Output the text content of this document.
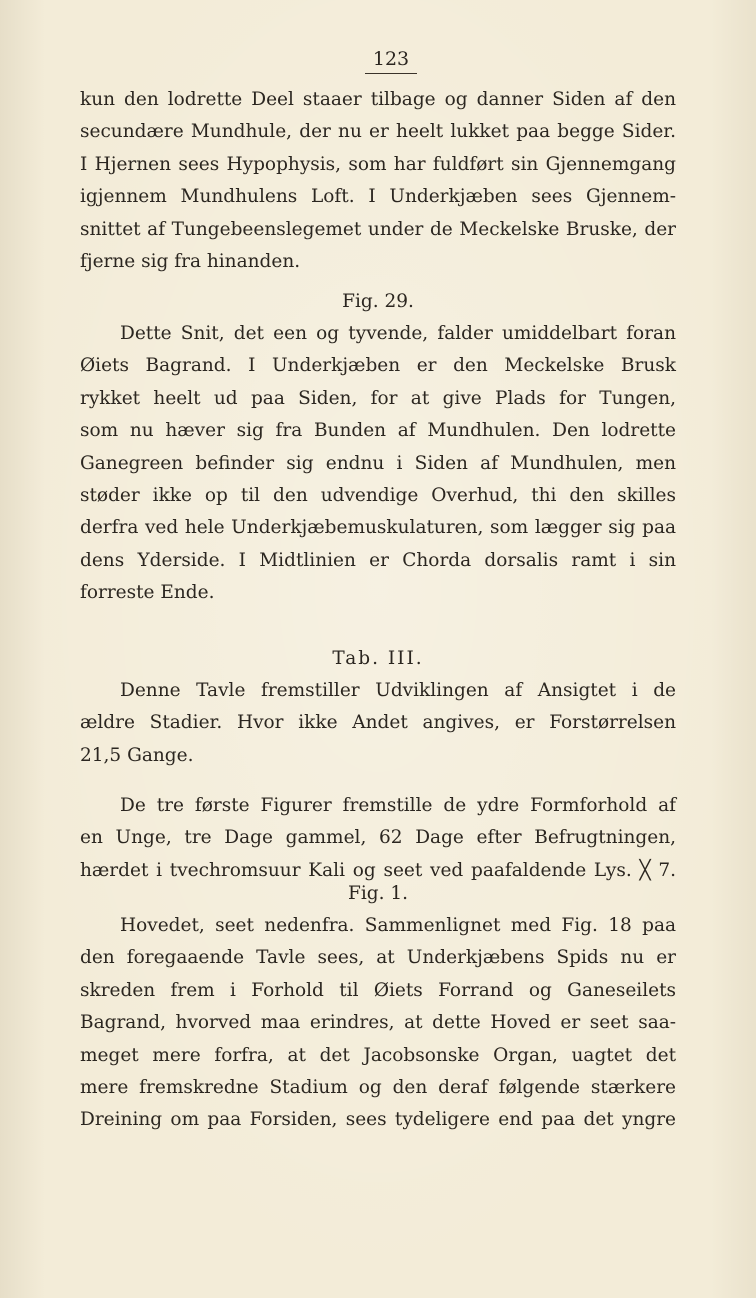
123
kun den lodrette Deel staaer tilbage og danner Siden af den
secundære Mundhule, der nu er heelt lukket paa begge Sider.
I Hjernen sees Hypophysis, som har fuldført sin Gjennemgang
igjennem Mundhulens Loft. I Underkjæben sees Gjennem-
snittet af Tungebeenslegemet under de Meckelske Bruske, der
fjerne sig fra hinanden.
Fig. 29.
Dette Snit, det een og tyvende, falder umiddelbart foran
Øiets Bagrand. I Underkjæben er den Meckelske Brusk
rykket heelt ud paa Siden, for at give Plads for Tungen,
som nu hæver sig fra Bunden af Mundhulen. Den lodrette
Ganegreen befinder sig endnu i Siden af Mundhulen, men
støder ikke op til den udvendige Overhud, thi den skilles
derfra ved hele Underkjæbemuskulaturen, som lægger sig paa
dens Yderside. I Midtlinien er Chorda dorsalis ramt i sin
forreste Ende.
Tab. III.
Denne Tavle fremstiller Udviklingen af Ansigtet i de
ældre Stadier. Hvor ikke Andet angives, er Forstørrelsen
21,5 Gange.
De tre første Figurer fremstille de ydre Formforhold af
en Unge, tre Dage gammel, 62 Dage efter Befrugtningen,
hærdet i tvechromsuur Kali og seet ved paafaldende Lys. ╳ 7.
Fig. 1.
Hovedet, seet nedenfra. Sammenlignet med Fig. 18 paa
den foregaaende Tavle sees, at Underkjæbens Spids nu er
skreden frem i Forhold til Øiets Forrand og Ganeseilets
Bagrand, hvorved maa erindres, at dette Hoved er seet saa-
meget mere forfra, at det Jacobsonske Organ, uagtet det
mere fremskredne Stadium og den deraf følgende stærkere
Dreining om paa Forsiden, sees tydeligere end paa det yngre
